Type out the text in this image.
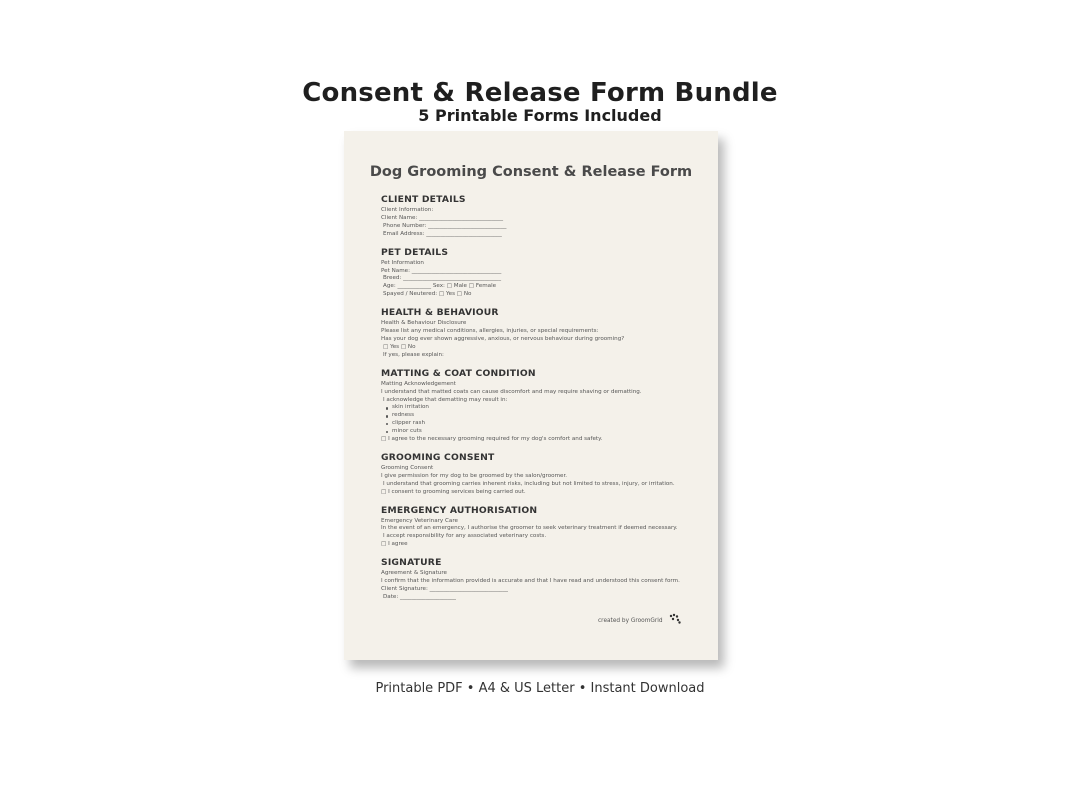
Consent & Release Form Bundle
5 Printable Forms Included
Dog Grooming Consent & Release Form
CLIENT DETAILS
Client Information:
Client Name: ______________________________
Phone Number: ____________________________
Email Address: ___________________________
PET DETAILS
Pet Information
Pet Name: ________________________________
Breed: ___________________________________
Age: ____________ Sex: □ Male □ Female
Spayed / Neutered: □ Yes □ No
HEALTH & BEHAVIOUR
Health & Behaviour Disclosure
Please list any medical conditions, allergies, injuries, or special requirements:
Has your dog ever shown aggressive, anxious, or nervous behaviour during grooming?
□ Yes □ No
If yes, please explain:
MATTING & COAT CONDITION
Matting Acknowledgement
I understand that matted coats can cause discomfort and may require shaving or dematting.
I acknowledge that dematting may result in:
skin irritation
redness
clipper rash
minor cuts
□ I agree to the necessary grooming required for my dog's comfort and safety.
GROOMING CONSENT
Grooming Consent
I give permission for my dog to be groomed by the salon/groomer.
I understand that grooming carries inherent risks, including but not limited to stress, injury, or irritation.
□ I consent to grooming services being carried out.
EMERGENCY AUTHORISATION
Emergency Veterinary Care
In the event of an emergency, I authorise the groomer to seek veterinary treatment if deemed necessary.
I accept responsibility for any associated veterinary costs.
□ I agree
SIGNATURE
Agreement & Signature
I confirm that the information provided is accurate and that I have read and understood this consent form.
Client Signature: ____________________________
Date: ____________________
created by GroomGrid
Printable PDF • A4 & US Letter • Instant Download
